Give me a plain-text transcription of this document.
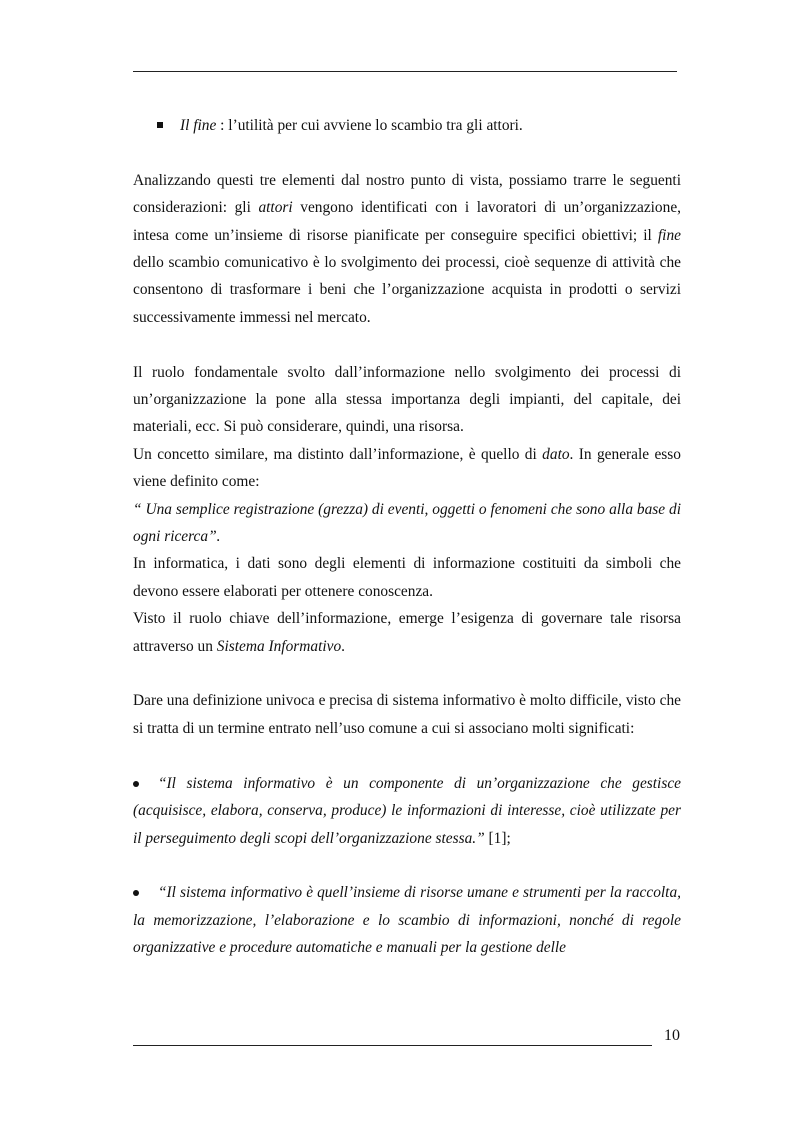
Il fine : l’utilità per cui avviene lo scambio tra gli attori.

Analizzando questi tre elementi dal nostro punto di vista, possiamo trarre le seguenti considerazioni: gli attori vengono identificati con i lavoratori di un’organizzazione, intesa come un’insieme di risorse pianificate per conseguire specifici obiettivi; il fine dello scambio comunicativo è lo svolgimento dei processi, cioè sequenze di attività che consentono di trasformare i beni che l’organizzazione acquista in prodotti o servizi successivamente immessi nel mercato.

Il ruolo fondamentale svolto dall’informazione nello svolgimento dei processi di un’organizzazione la pone alla stessa importanza degli impianti, del capitale, dei materiali, ecc. Si può considerare, quindi, una risorsa.

Un concetto similare, ma distinto dall’informazione, è quello di dato. In generale esso viene definito come:

“ Una semplice registrazione (grezza) di eventi, oggetti o fenomeni che sono alla base di ogni ricerca”.

In informatica, i dati sono degli elementi di informazione costituiti da simboli che devono essere elaborati per ottenere conoscenza.

Visto il ruolo chiave dell’informazione, emerge l’esigenza di governare tale risorsa attraverso un Sistema Informativo.

Dare una definizione univoca e precisa di sistema informativo è molto difficile, visto che si tratta di un termine entrato nell’uso comune a cui si associano molti significati:

“Il sistema informativo è un componente di un’organizzazione che gestisce (acquisisce, elabora, conserva, produce) le informazioni di interesse, cioè utilizzate per il perseguimento degli scopi dell’organizzazione stessa.” [1];

“Il sistema informativo è quell’insieme di risorse umane e strumenti per la raccolta, la memorizzazione, l’elaborazione e lo scambio di informazioni, nonché di regole organizzative e procedure automatiche e manuali per la gestione delle

10
